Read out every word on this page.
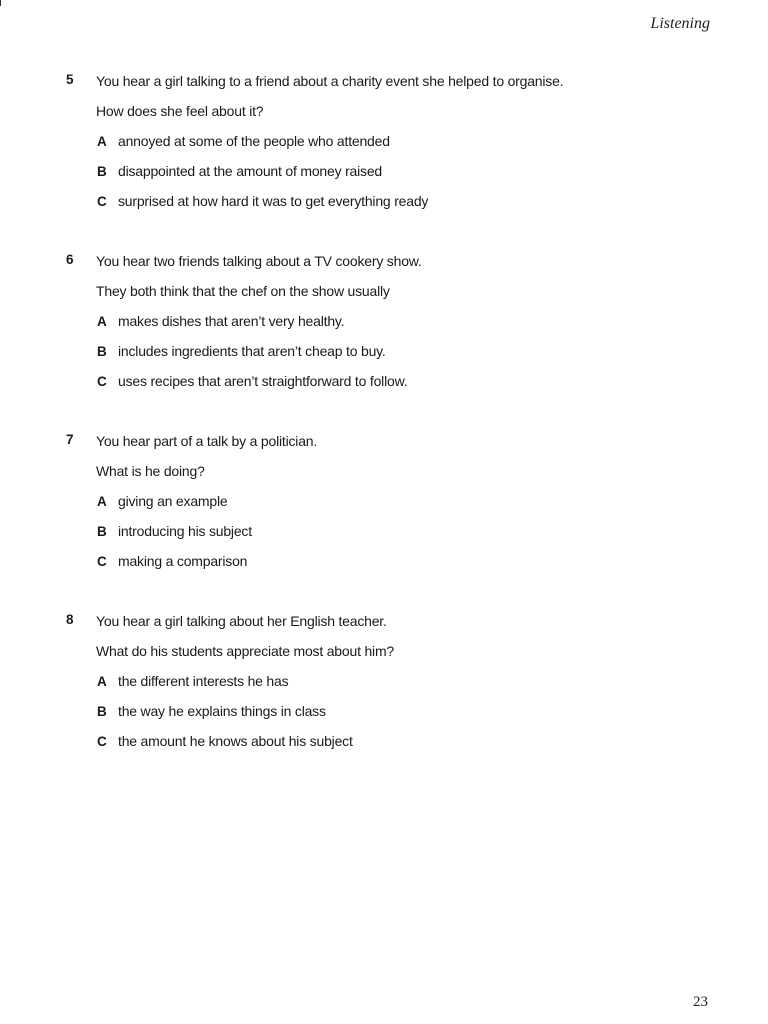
Listening
5 You hear a girl talking to a friend about a charity event she helped to organise.
How does she feel about it?
A annoyed at some of the people who attended
B disappointed at the amount of money raised
C surprised at how hard it was to get everything ready
6 You hear two friends talking about a TV cookery show.
They both think that the chef on the show usually
A makes dishes that aren’t very healthy.
B includes ingredients that aren’t cheap to buy.
C uses recipes that aren’t straightforward to follow.
7 You hear part of a talk by a politician.
What is he doing?
A giving an example
B introducing his subject
C making a comparison
8 You hear a girl talking about her English teacher.
What do his students appreciate most about him?
A the different interests he has
B the way he explains things in class
C the amount he knows about his subject
23
